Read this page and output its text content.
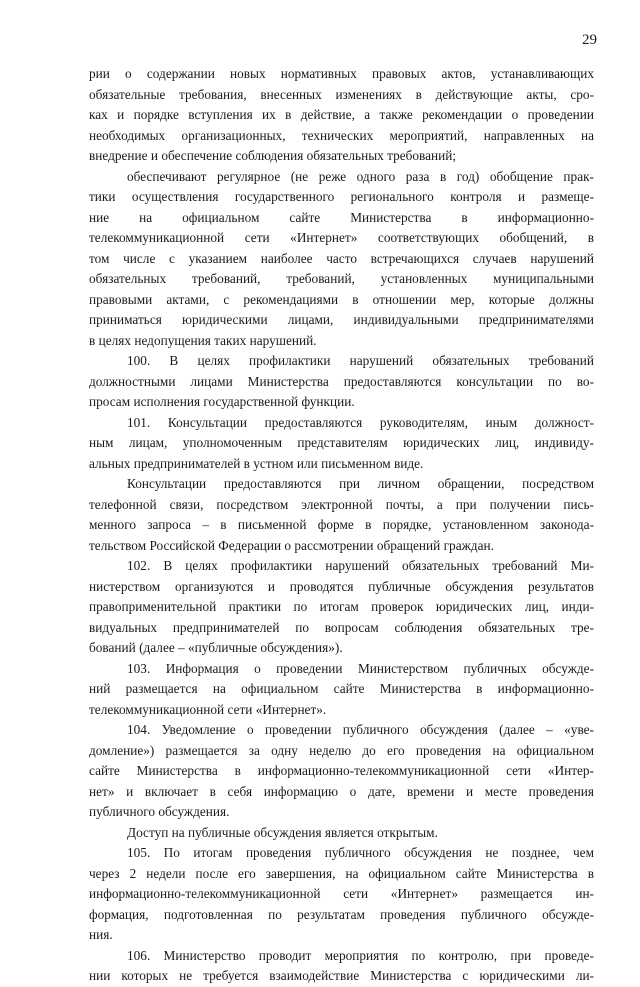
29
рии о содержании новых нормативных правовых актов, устанавливающих
обязательные требования, внесенных изменениях в действующие акты, сро-
ках и порядке вступления их в действие, а также рекомендации о проведении
необходимых организационных, технических мероприятий, направленных на
внедрение и обеспечение соблюдения обязательных требований;
обеспечивают регулярное (не реже одного раза в год) обобщение прак-
тики осуществления государственного регионального контроля и размеще-
ние на официальном сайте Министерства в информационно-
телекоммуникационной сети «Интернет» соответствующих обобщений, в
том числе с указанием наиболее часто встречающихся случаев нарушений
обязательных требований, требований, установленных муниципальными
правовыми актами, с рекомендациями в отношении мер, которые должны
приниматься юридическими лицами, индивидуальными предпринимателями
в целях недопущения таких нарушений.
100. В целях профилактики нарушений обязательных требований
должностными лицами Министерства предоставляются консультации по во-
просам исполнения государственной функции.
101. Консультации предоставляются руководителям, иным должност-
ным лицам, уполномоченным представителям юридических лиц, индивиду-
альных предпринимателей в устном или письменном виде.
Консультации предоставляются при личном обращении, посредством
телефонной связи, посредством электронной почты, а при получении пись-
менного запроса – в письменной форме в порядке, установленном законода-
тельством Российской Федерации о рассмотрении обращений граждан.
102. В целях профилактики нарушений обязательных требований Ми-
нистерством организуются и проводятся публичные обсуждения результатов
правоприменительной практики по итогам проверок юридических лиц, инди-
видуальных предпринимателей по вопросам соблюдения обязательных тре-
бований (далее – «публичные обсуждения»).
103. Информация о проведении Министерством публичных обсужде-
ний размещается на официальном сайте Министерства в информационно-
телекоммуникационной сети «Интернет».
104. Уведомление о проведении публичного обсуждения (далее – «уве-
домление») размещается за одну неделю до его проведения на официальном
сайте Министерства в информационно-телекоммуникационной сети «Интер-
нет» и включает в себя информацию о дате, времени и месте проведения
публичного обсуждения.
Доступ на публичные обсуждения является открытым.
105. По итогам проведения публичного обсуждения не позднее, чем
через 2 недели после его завершения, на официальном сайте Министерства в
информационно-телекоммуникационной сети «Интернет» размещается ин-
формация, подготовленная по результатам проведения публичного обсужде-
ния.
106. Министерство проводит мероприятия по контролю, при проведе-
нии которых не требуется взаимодействие Министерства с юридическими ли-
